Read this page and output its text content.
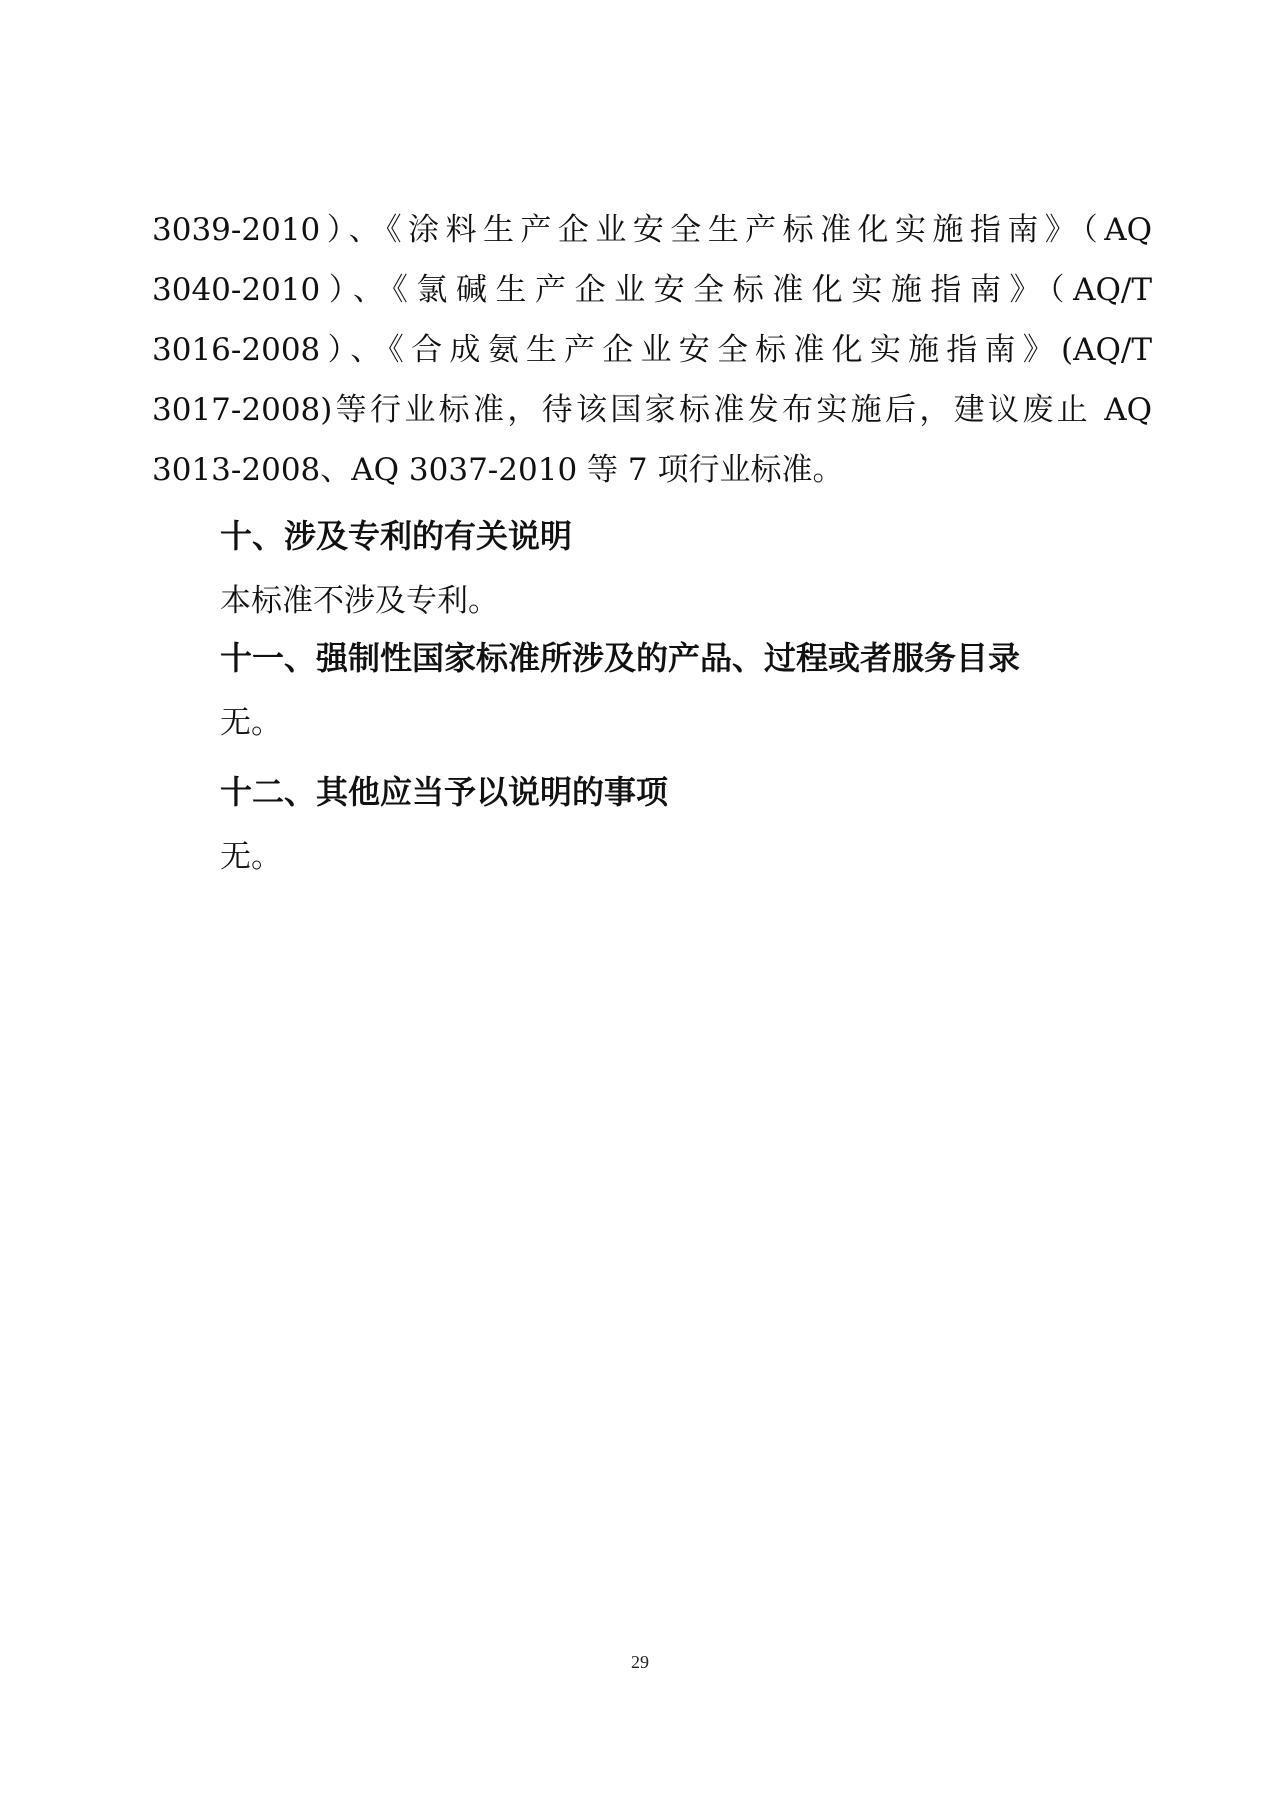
3039-2010）、《涂料生产企业安全生产标准化实施指南》（AQ
3040-2010）、《氯碱生产企业安全标准化实施指南》（AQ/T
3016-2008）、《合成氨生产企业安全标准化实施指南》(AQ/T
3017-2008)等行业标准，待该国家标准发布实施后，建议废止 AQ
3013-2008、AQ 3037-2010 等 7 项行业标准。
十、涉及专利的有关说明
本标准不涉及专利。
十一、强制性国家标准所涉及的产品、过程或者服务目录
无。
十二、其他应当予以说明的事项
无。
29
